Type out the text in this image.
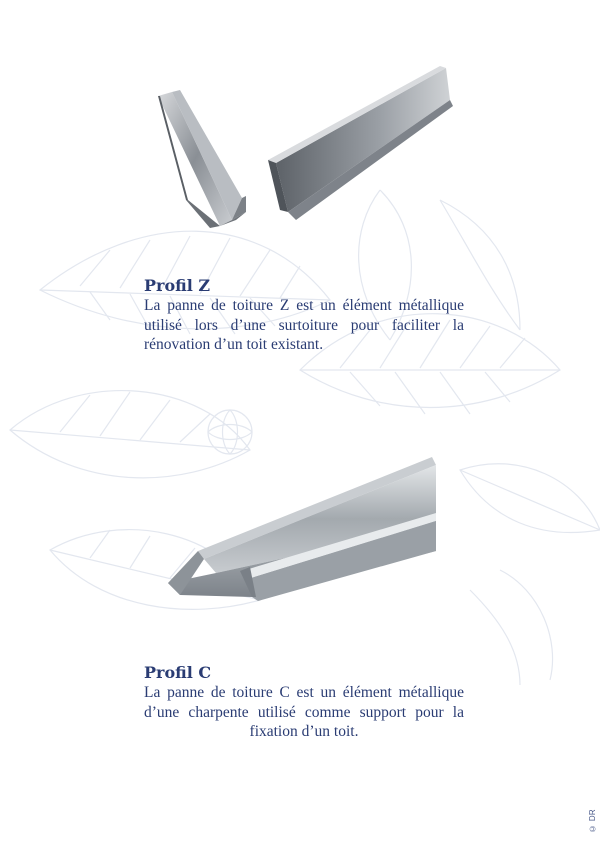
Profil Z

La panne de toiture Z est un élément métallique utilisé lors d’une surtoiture pour faciliter la rénovation d’un toit existant.

Profil C

La panne de toiture C est un élément métallique d’une charpente utilisé comme support pour la fixation d’un toit.

© DR
